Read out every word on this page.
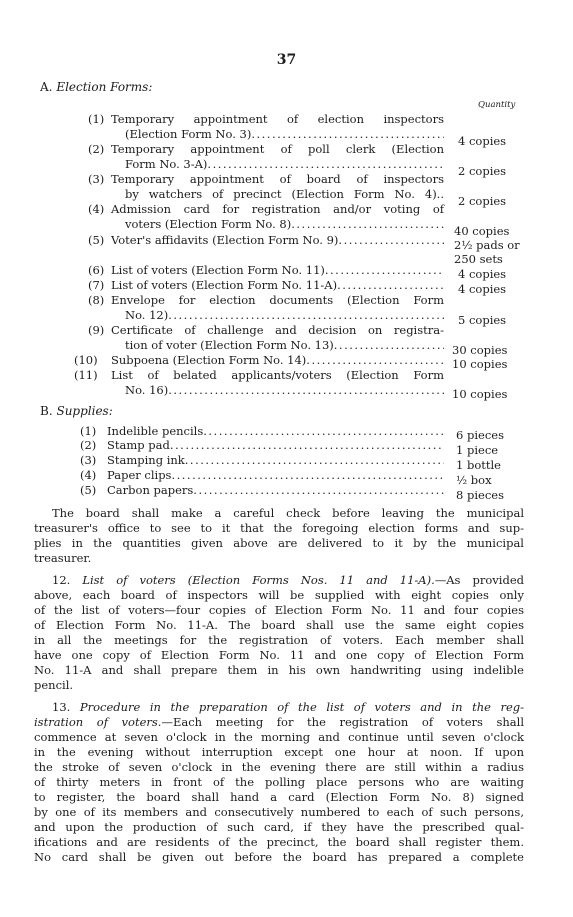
37
A. Election Forms:
Quantity
(1) Temporary appointment of election inspectors
(Election Form No. 3) .....	4 copies
(2) Temporary appointment of poll clerk (Election
Form No. 3-A) .....	2 copies
(3) Temporary appointment of board of inspectors
by watchers of precinct (Election Form No. 4).. 2 copies
(4) Admission card for registration and/or voting of
voters (Election Form No. 8) .....	40 copies
(5) Voter's affidavits (Election Form No. 9) .....	2½ pads or
250 sets
(6) List of voters (Election Form No. 11) .....	4 copies
(7) List of voters (Election Form No. 11-A) .....	4 copies
(8) Envelope for election documents (Election Form
No. 12) .....	5 copies
(9) Certificate of challenge and decision on registra-
tion of voter (Election Form No. 13) .....	30 copies
(10) Subpoena (Election Form No. 14) .....	10 copies
(11) List of belated applicants/voters (Election Form
No. 16) .....	10 copies
B. Supplies:
(1) Indelible pencils .....	6 pieces
(2) Stamp pad .....	1 piece
(3) Stamping ink .....	1 bottle
(4) Paper clips .....	½ box
(5) Carbon papers .....	8 pieces
The board shall make a careful check before leaving the municipal
treasurer's office to see to it that the foregoing election forms and sup-
plies in the quantities given above are delivered to it by the municipal
treasurer.
12. List of voters (Election Forms Nos. 11 and 11-A).—As provided
above, each board of inspectors will be supplied with eight copies only
of the list of voters—four copies of Election Form No. 11 and four copies
of Election Form No. 11-A. The board shall use the same eight copies
in all the meetings for the registration of voters. Each member shall
have one copy of Election Form No. 11 and one copy of Election Form
No. 11-A and shall prepare them in his own handwriting using indelible
pencil.
13. Procedure in the preparation of the list of voters and in the reg-
istration of voters.—Each meeting for the registration of voters shall
commence at seven o'clock in the morning and continue until seven o'clock
in the evening without interruption except one hour at noon. If upon
the stroke of seven o'clock in the evening there are still within a radius
of thirty meters in front of the polling place persons who are waiting
to register, the board shall hand a card (Election Form No. 8) signed
by one of its members and consecutively numbered to each of such persons,
and upon the production of such card, if they have the prescribed qual-
ifications and are residents of the precinct, the board shall register them.
No card shall be given out before the board has prepared a complete
